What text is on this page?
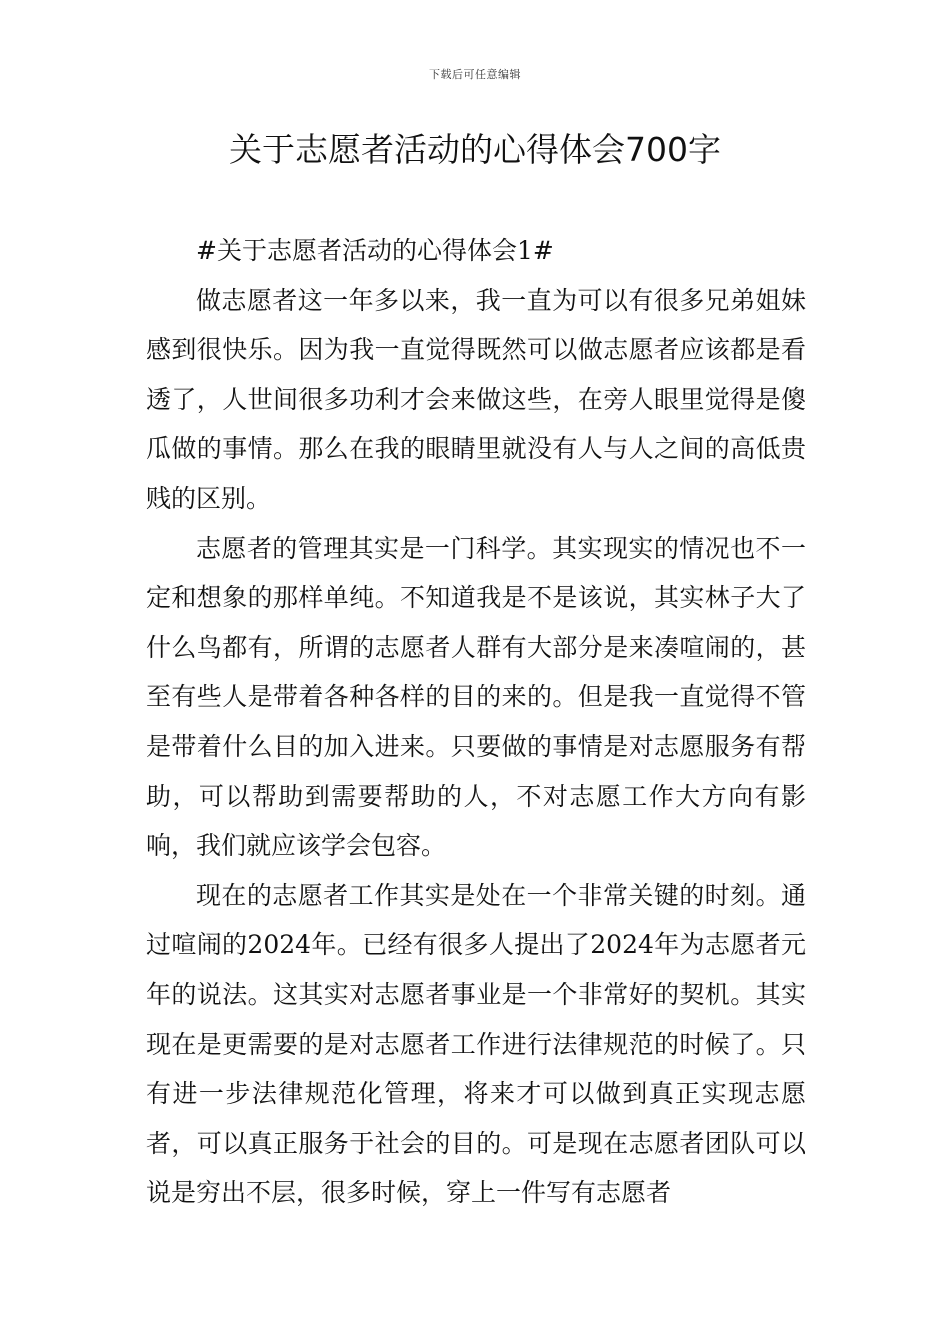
下载后可任意编辑
关于志愿者活动的心得体会700字

#关于志愿者活动的心得体会1#

做志愿者这一年多以来，我一直为可以有很多兄弟姐妹感到很快乐。因为我一直觉得既然可以做志愿者应该都是看透了，人世间很多功利才会来做这些，在旁人眼里觉得是傻瓜做的事情。那么在我的眼睛里就没有人与人之间的高低贵贱的区别。

志愿者的管理其实是一门科学。其实现实的情况也不一定和想象的那样单纯。不知道我是不是该说，其实林子大了什么鸟都有，所谓的志愿者人群有大部分是来凑喧闹的，甚至有些人是带着各种各样的目的来的。但是我一直觉得不管是带着什么目的加入进来。只要做的事情是对志愿服务有帮助，可以帮助到需要帮助的人，不对志愿工作大方向有影响，我们就应该学会包容。

现在的志愿者工作其实是处在一个非常关键的时刻。通过喧闹的2024年。已经有很多人提出了2024年为志愿者元年的说法。这其实对志愿者事业是一个非常好的契机。其实现在是更需要的是对志愿者工作进行法律规范的时候了。只有进一步法律规范化管理，将来才可以做到真正实现志愿者，可以真正服务于社会的目的。可是现在志愿者团队可以说是穷出不层，很多时候，穿上一件写有志愿者
